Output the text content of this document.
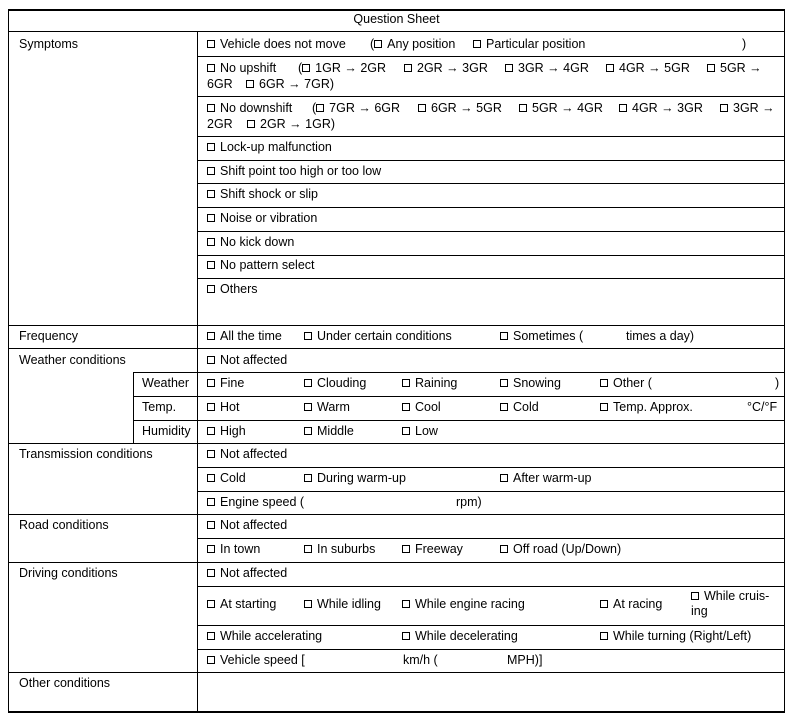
Question Sheet
Symptoms	Vehicle does not move ( Any position	Particular position	)
No upshift ( 1GR → 2GR	2GR → 3GR	3GR → 4GR	4GR → 5GR	5GR →
6GR	6GR → 7GR)
No downshift ( 7GR → 6GR	6GR → 5GR	5GR → 4GR	4GR → 3GR	3GR →
2GR	2GR → 1GR)
Lock-up malfunction
Shift point too high or too low
Shift shock or slip
Noise or vibration
No kick down
No pattern select
Others
Frequency	All the time	Under certain conditions	Sometimes (	times a day)
Weather conditions	Not affected
Weather	Fine	Clouding	Raining	Snowing	Other (	)
Temp.	Hot	Warm	Cool	Cold	Temp. Approx.	°C/°F
Humidity	High	Middle	Low
Transmission conditions	Not affected
Cold	During warm-up	After warm-up
Engine speed (	rpm)
Road conditions	Not affected
In town	In suburbs	Freeway	Off road (Up/Down)
Driving conditions	Not affected
At starting	While idling	While engine racing	At racing
While cruis-
ing
While accelerating	While decelerating	While turning (Right/Left)
Vehicle speed [	km/h (	MPH)]
Other conditions
